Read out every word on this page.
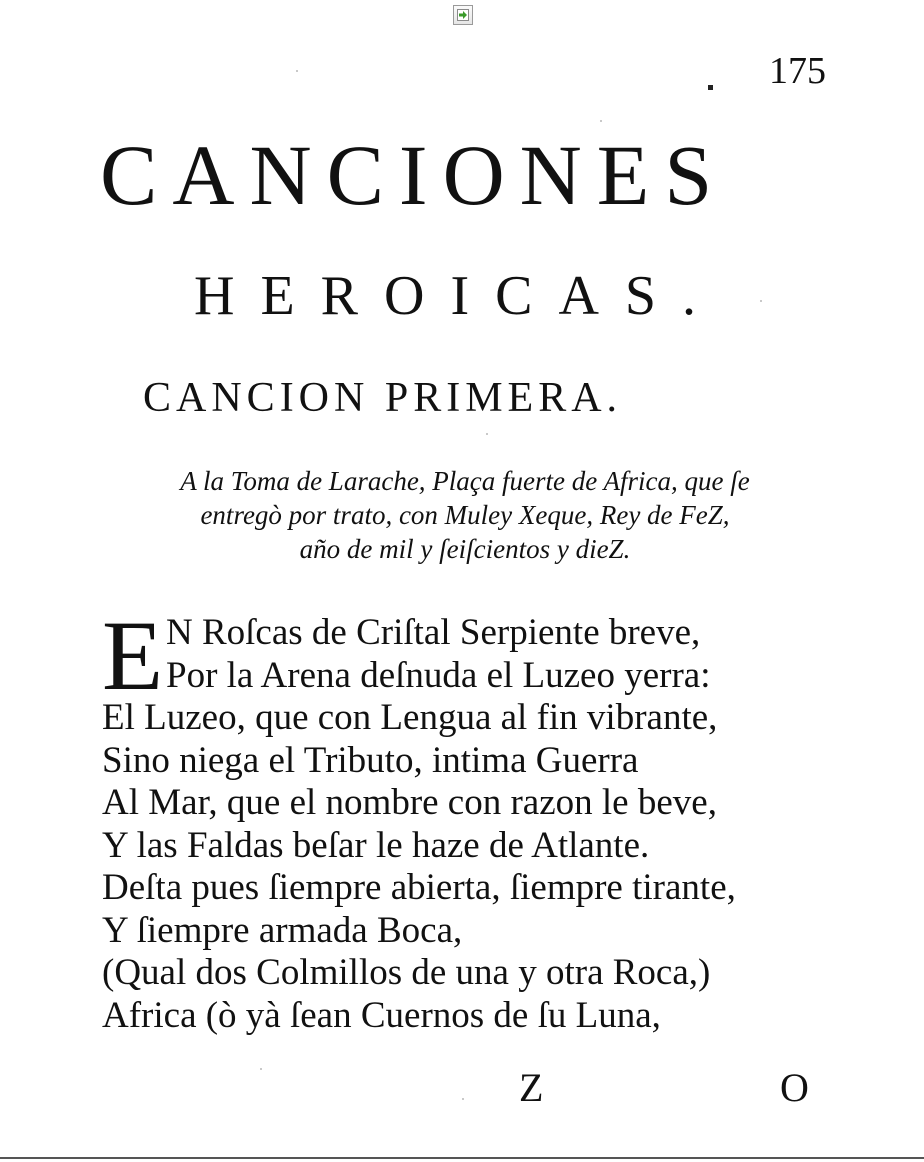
175
CANCIONES
HEROICAS.
CANCION PRIMERA.
A la Toma de Larache, Plaça fuerte de Africa, que ſe
entregò por trato, con Muley Xeque, Rey de FeZ,
año de mil y ſeiſcientos y dieZ.
E N Roſcas de Criſtal Serpiente breve,
Por la Arena deſnuda el Luzeo yerra:
El Luzeo, que con Lengua al fin vibrante,
Sino niega el Tributo, intima Guerra
Al Mar, que el nombre con razon le beve,
Y las Faldas beſar le haze de Atlante.
Deſta pues ſiempre abierta, ſiempre tirante,
Y ſiempre armada Boca,
(Qual dos Colmillos de una y otra Roca,)
Africa (ò yà ſean Cuernos de ſu Luna,
Z	O
